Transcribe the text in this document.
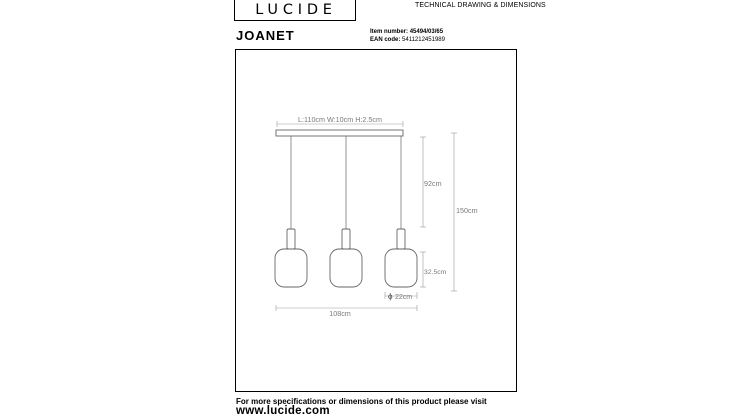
LUCIDE	TECHNICAL DRAWING & DIMENSIONS
JOANET	Item number: 45494/03/65
EAN code: 5411212451989
L:110cm W:10cm H:2.5cm
92cm
150cm
32.5cm
ϕ 22cm
108cm
For more specifications or dimensions of this product please visit
www.lucide.com
